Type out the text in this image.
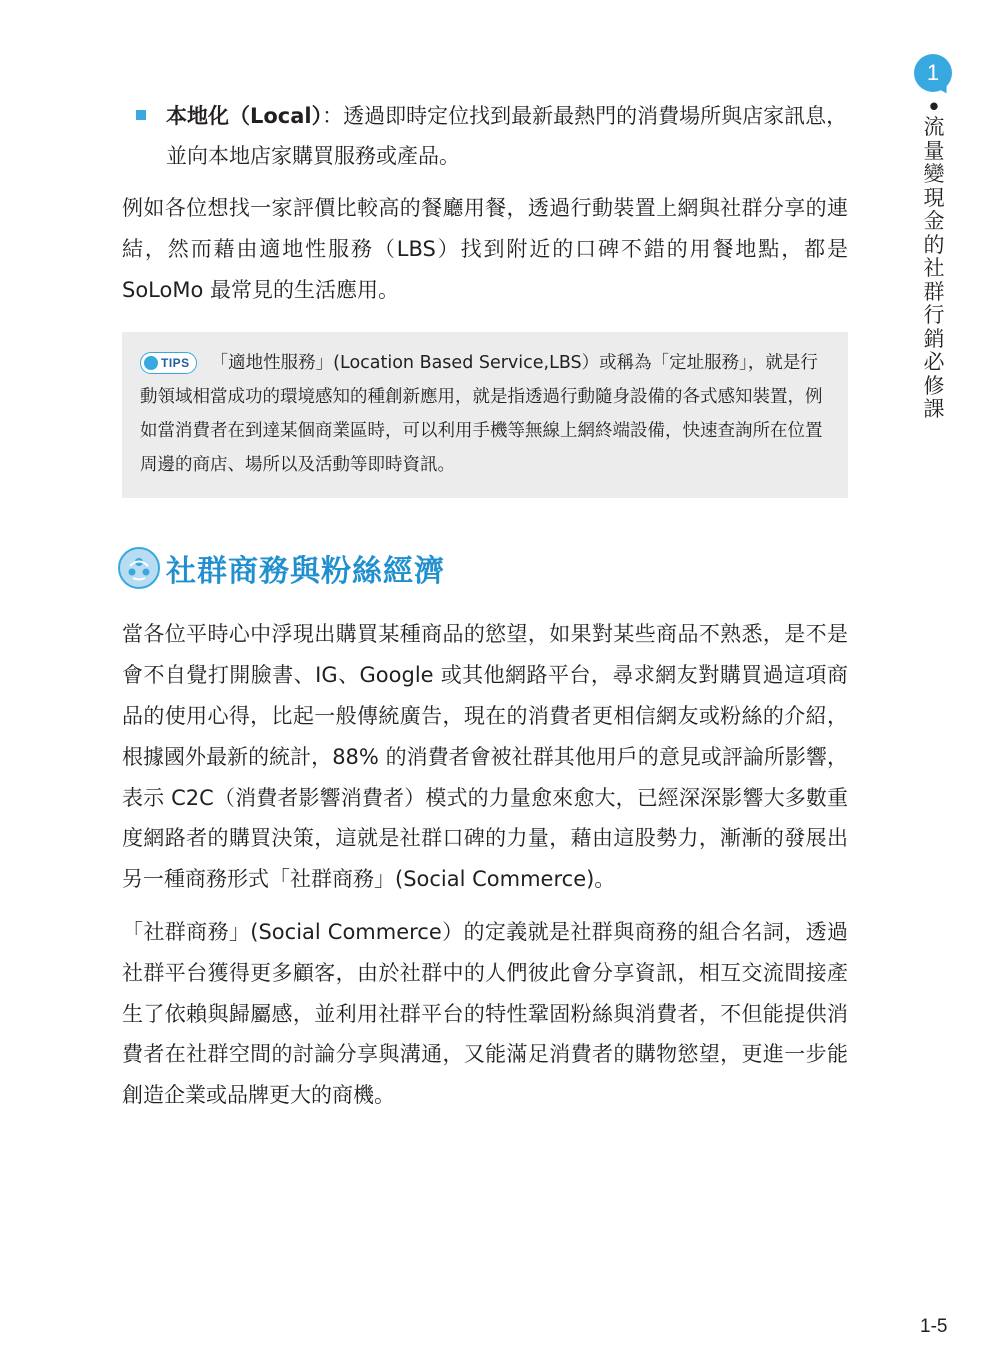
1
•
流量變現金的社群行銷必修課
本地化（Local）：透過即時定位找到最新最熱門的消費場所與店家訊息，並向本地店家購買服務或產品。

例如各位想找一家評價比較高的餐廳用餐，透過行動裝置上網與社群分享的連結，然而藉由適地性服務（LBS）找到附近的口碑不錯的用餐地點，都是 SoLoMo 最常見的生活應用。

TIPS 「適地性服務」(Location Based Service,LBS）或稱為「定址服務」，就是行動領域相當成功的環境感知的種創新應用，就是指透過行動隨身設備的各式感知裝置，例如當消費者在到達某個商業區時，可以利用手機等無線上網終端設備，快速查詢所在位置周邊的商店、場所以及活動等即時資訊。
社群商務與粉絲經濟

當各位平時心中浮現出購買某種商品的慾望，如果對某些商品不熟悉，是不是會不自覺打開臉書、IG、Google 或其他網路平台，尋求網友對購買過這項商品的使用心得，比起一般傳統廣告，現在的消費者更相信網友或粉絲的介紹，根據國外最新的統計，88% 的消費者會被社群其他用戶的意見或評論所影響，表示 C2C（消費者影響消費者）模式的力量愈來愈大，已經深深影響大多數重度網路者的購買決策，這就是社群口碑的力量，藉由這股勢力，漸漸的發展出另一種商務形式「社群商務」(Social Commerce)。

「社群商務」(Social Commerce）的定義就是社群與商務的組合名詞，透過社群平台獲得更多顧客，由於社群中的人們彼此會分享資訊，相互交流間接產生了依賴與歸屬感，並利用社群平台的特性鞏固粉絲與消費者，不但能提供消費者在社群空間的討論分享與溝通，又能滿足消費者的購物慾望，更進一步能創造企業或品牌更大的商機。

1-5
